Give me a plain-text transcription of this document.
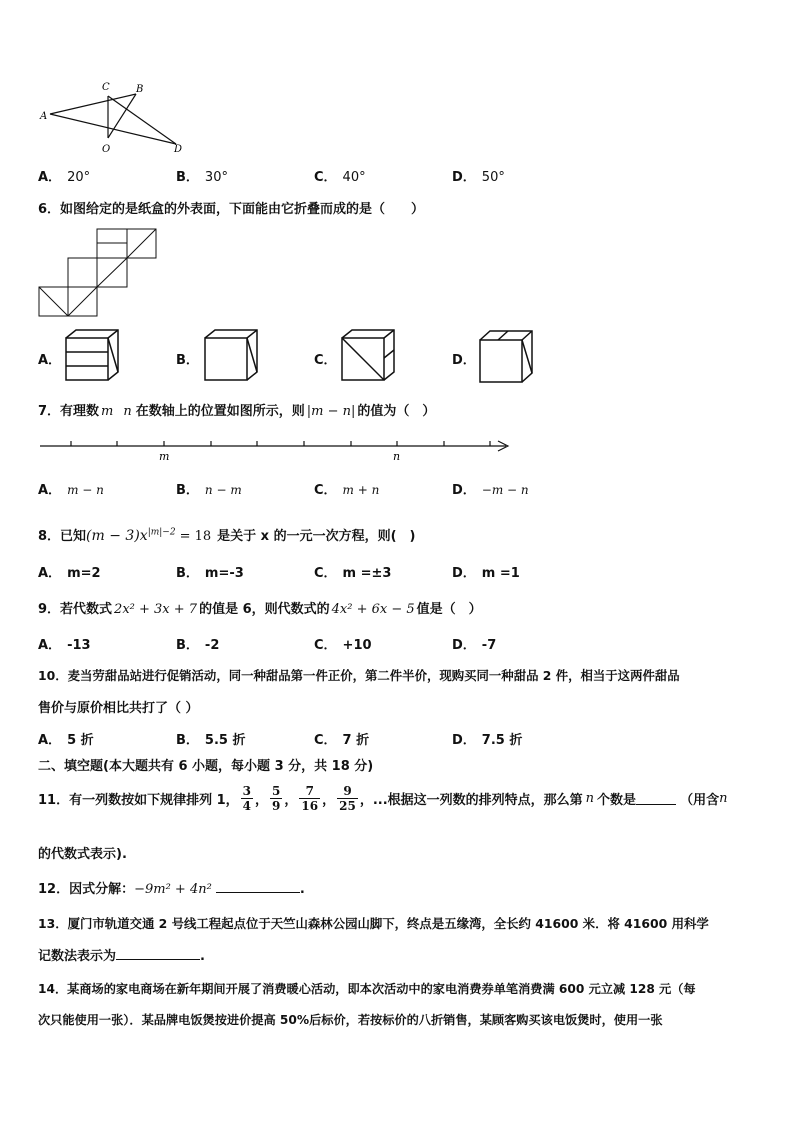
A
B
C
O	D
A． 20°	B． 30°	C． 40°	D． 50°
6．如图给定的是纸盒的外表面，下面能由它折叠而成的是（　　）
A．	B．	C．	D．
7．有理数 m n 在数轴上的位置如图所示，则 |m − n| 的值为（　）
m	n
A． m − n	B． n − m	C． m + n	D． −m − n
8．已知$(m - 3)x^{|m|-2} = 18$ 是关于 x 的一元一次方程，则(　)
A． m=2	B． m=-3	C． m =±3	D． m =1
9．若代数式 2x² + 3x + 7 的值是 6，则代数式的 4x² + 6x − 5 值是（　）
A． -13	B． -2	C． +10	D． -7
10．麦当劳甜品站进行促销活动，同一种甜品第一件正价，第二件半价，现购买同一种甜品 2 件，相当于这两件甜品
售价与原价相比共打了（ ）
A． 5 折	B． 5.5 折	C． 7 折	D． 7.5 折
二、填空题(本大题共有 6 小题，每小题 3 分，共 18 分)
11．有一列数按如下规律排列 1， $\frac{3}{4}$ ， $\frac{5}{9}$ ， $\frac{7}{16}$ ， $\frac{9}{25}$ ，...根据这一列数的排列特点，那么第 n 个数是	（用含 n
的代数式表示).
12．因式分解：−9m² + 4n²	.
13．厦门市轨道交通 2 号线工程起点位于天竺山森林公园山脚下，终点是五缘湾，全长约 41600 米．将 41600 用科学
记数法表示为	.
14．某商场的家电商场在新年期间开展了消费暖心活动，即本次活动中的家电消费券单笔消费满 600 元立减 128 元（每
次只能使用一张）．某品牌电饭煲按进价提高 50%后标价，若按标价的八折销售，某顾客购买该电饭煲时，使用一张
